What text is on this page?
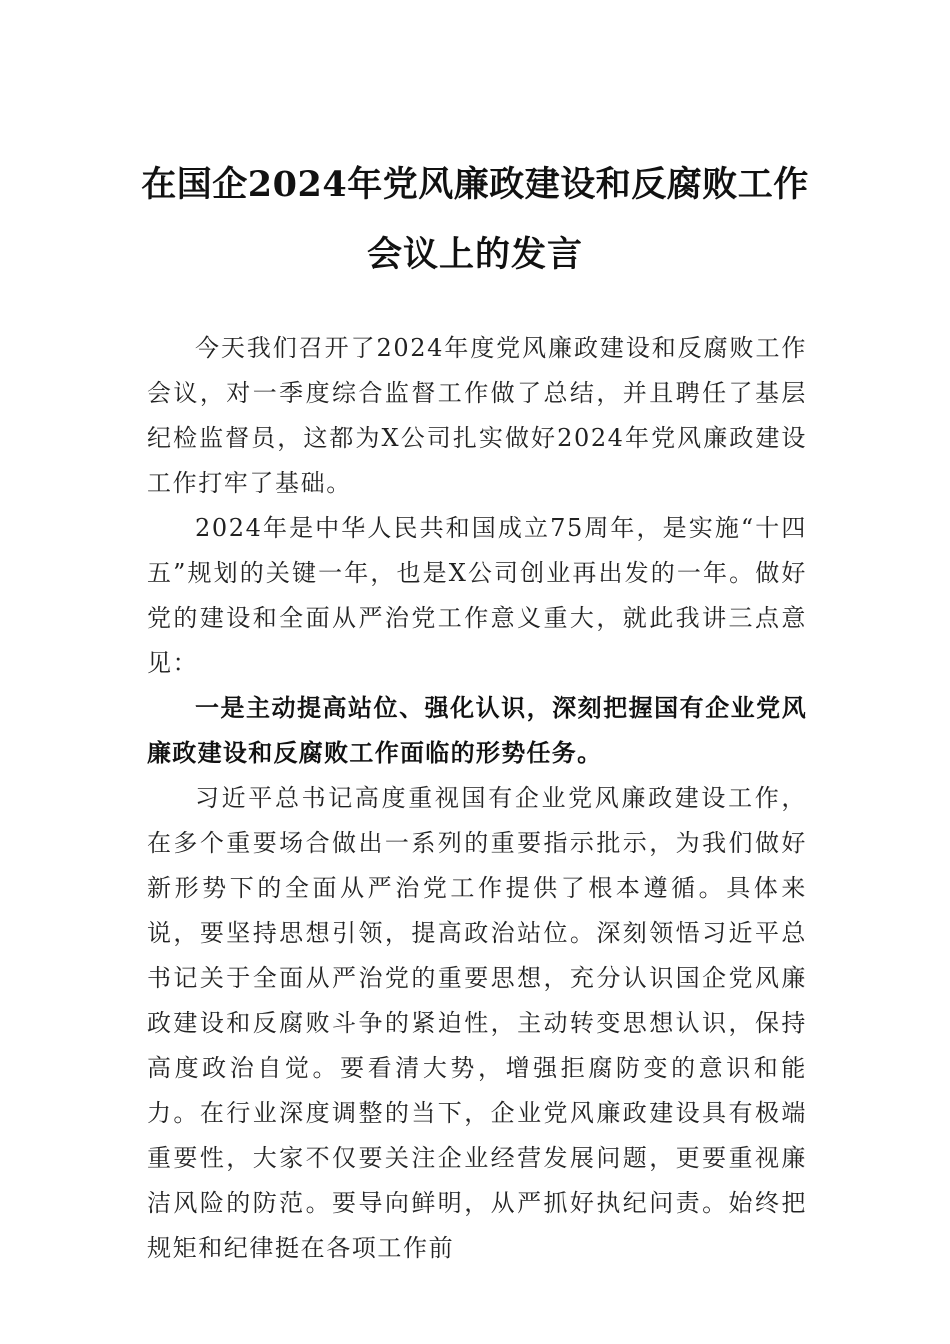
在国企2024年党风廉政建设和反腐败工作
会议上的发言

今天我们召开了2024年度党风廉政建设和反腐败工作会议，对一季度综合监督工作做了总结，并且聘任了基层纪检监督员，这都为X公司扎实做好2024年党风廉政建设工作打牢了基础。

2024年是中华人民共和国成立75周年，是实施“十四五”规划的关键一年，也是X公司创业再出发的一年。做好党的建设和全面从严治党工作意义重大，就此我讲三点意见：

一是主动提高站位、强化认识，深刻把握国有企业党风廉政建设和反腐败工作面临的形势任务。

习近平总书记高度重视国有企业党风廉政建设工作，在多个重要场合做出一系列的重要指示批示，为我们做好新形势下的全面从严治党工作提供了根本遵循。具体来说，要坚持思想引领，提高政治站位。深刻领悟习近平总书记关于全面从严治党的重要思想，充分认识国企党风廉政建设和反腐败斗争的紧迫性，主动转变思想认识，保持高度政治自觉。要看清大势，增强拒腐防变的意识和能力。在行业深度调整的当下，企业党风廉政建设具有极端重要性，大家不仅要关注企业经营发展问题，更要重视廉洁风险的防范。要导向鲜明，从严抓好执纪问责。始终把规矩和纪律挺在各项工作前
